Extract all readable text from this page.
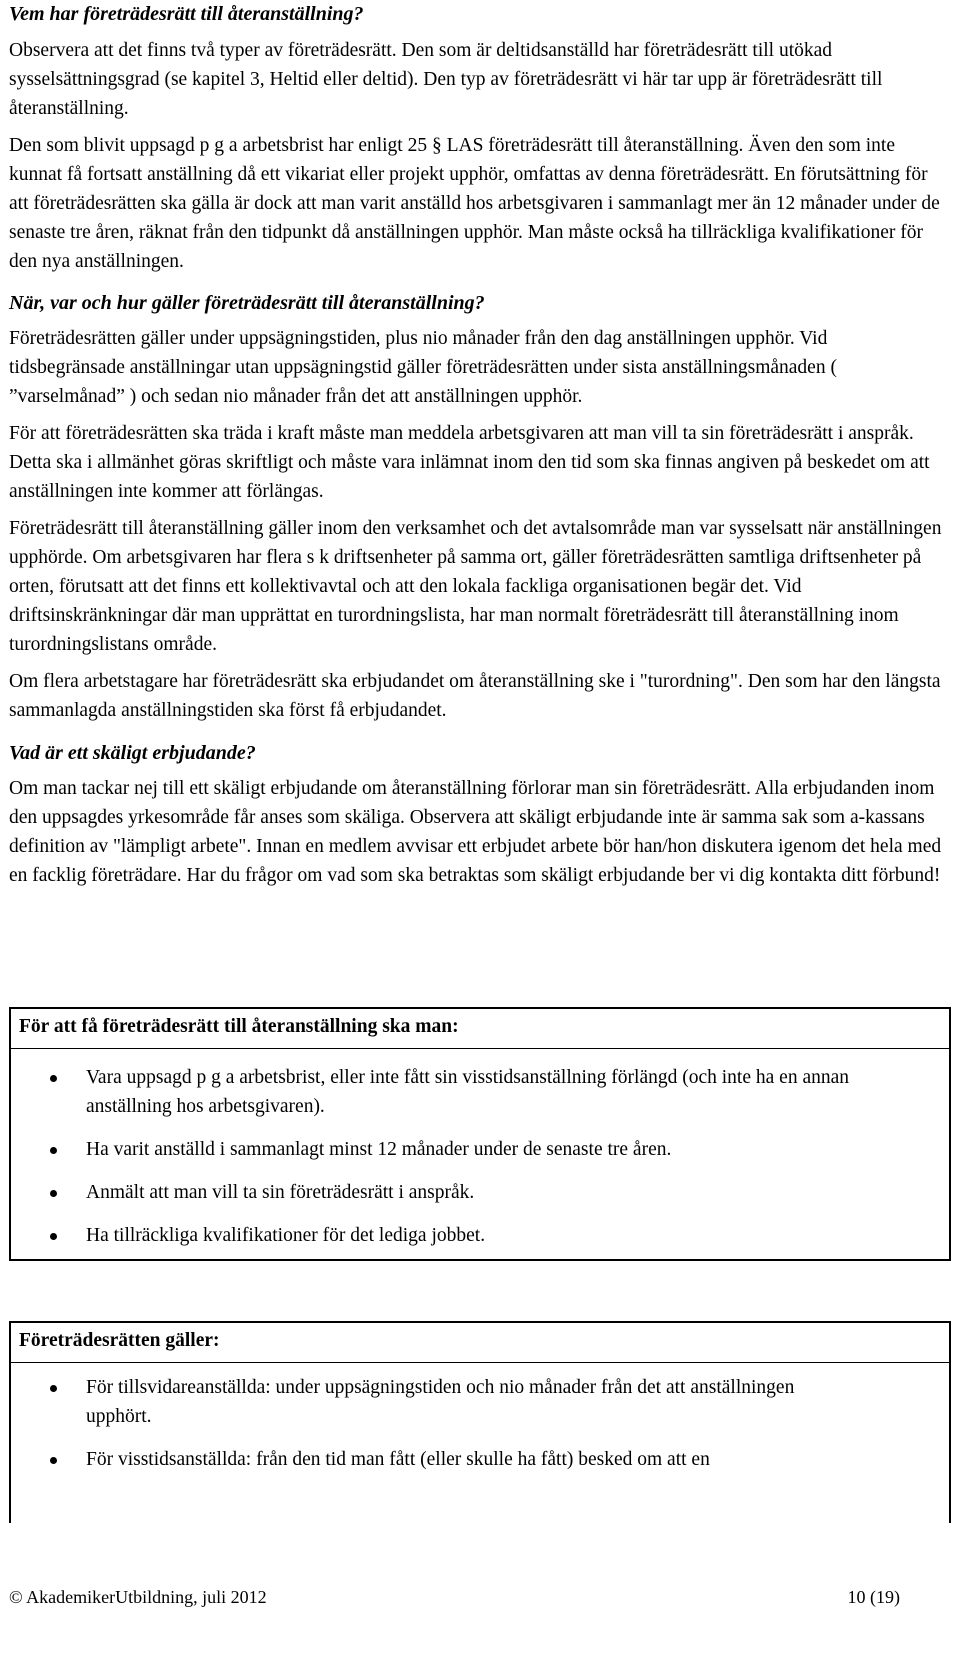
Vem har företrädesrätt till återanställning?

Observera att det finns två typer av företrädesrätt. Den som är deltidsanställd har företrädesrätt till utökad sysselsättningsgrad (se kapitel 3, Heltid eller deltid). Den typ av företrädesrätt vi här tar upp är företrädesrätt till återanställning.

Den som blivit uppsagd p g a arbetsbrist har enligt 25 § LAS företrädesrätt till återanställning. Även den som inte kunnat få fortsatt anställning då ett vikariat eller projekt upphör, omfattas av denna företrädesrätt. En förutsättning för att företrädesrätten ska gälla är dock att man varit anställd hos arbetsgivaren i sammanlagt mer än 12 månader under de senaste tre åren, räknat från den tidpunkt då anställningen upphör. Man måste också ha tillräckliga kvalifikationer för den nya anställningen.

När, var och hur gäller företrädesrätt till återanställning?

Företrädesrätten gäller under uppsägningstiden, plus nio månader från den dag anställningen upphör. Vid tidsbegränsade anställningar utan uppsägningstid gäller företrädesrätten under sista anställningsmånaden ( ”varselmånad” ) och sedan nio månader från det att anställningen upphör.

För att företrädesrätten ska träda i kraft måste man meddela arbetsgivaren att man vill ta sin företrädesrätt i anspråk. Detta ska i allmänhet göras skriftligt och måste vara inlämnat inom den tid som ska finnas angiven på beskedet om att anställningen inte kommer att förlängas.

Företrädesrätt till återanställning gäller inom den verksamhet och det avtalsområde man var sysselsatt när anställningen upphörde. Om arbetsgivaren har flera s k driftsenheter på samma ort, gäller företrädesrätten samtliga driftsenheter på orten, förutsatt att det finns ett kollektivavtal och att den lokala fackliga organisationen begär det. Vid driftsinskränkningar där man upprättat en turordningslista, har man normalt företrädesrätt till återanställning inom turordningslistans område.

Om flera arbetstagare har företrädesrätt ska erbjudandet om återanställning ske i "turordning". Den som har den längsta sammanlagda anställningstiden ska först få erbjudandet.

Vad är ett skäligt erbjudande?

Om man tackar nej till ett skäligt erbjudande om återanställning förlorar man sin företrädesrätt. Alla erbjudanden inom den uppsagdes yrkesområde får anses som skäliga. Observera att skäligt erbjudande inte är samma sak som a-kassans definition av "lämpligt arbete". Innan en medlem avvisar ett erbjudet arbete bör han/hon diskutera igenom det hela med en facklig företrädare. Har du frågor om vad som ska betraktas som skäligt erbjudande ber vi dig kontakta ditt förbund!

För att få företrädesrätt till återanställning ska man:
Vara uppsagd p g a arbetsbrist, eller inte fått sin visstidsanställning förlängd (och inte ha en annan anställning hos arbetsgivaren).
Ha varit anställd i sammanlagt minst 12 månader under de senaste tre åren.
Anmält att man vill ta sin företrädesrätt i anspråk.
Ha tillräckliga kvalifikationer för det lediga jobbet.
Företrädesrätten gäller:
För tillsvidareanställda: under uppsägningstiden och nio månader från det att anställningen upphört.
För visstidsanställda: från den tid man fått (eller skulle ha fått) besked om att en
© AkademikerUtbildning, juli 2012	10 (19)
